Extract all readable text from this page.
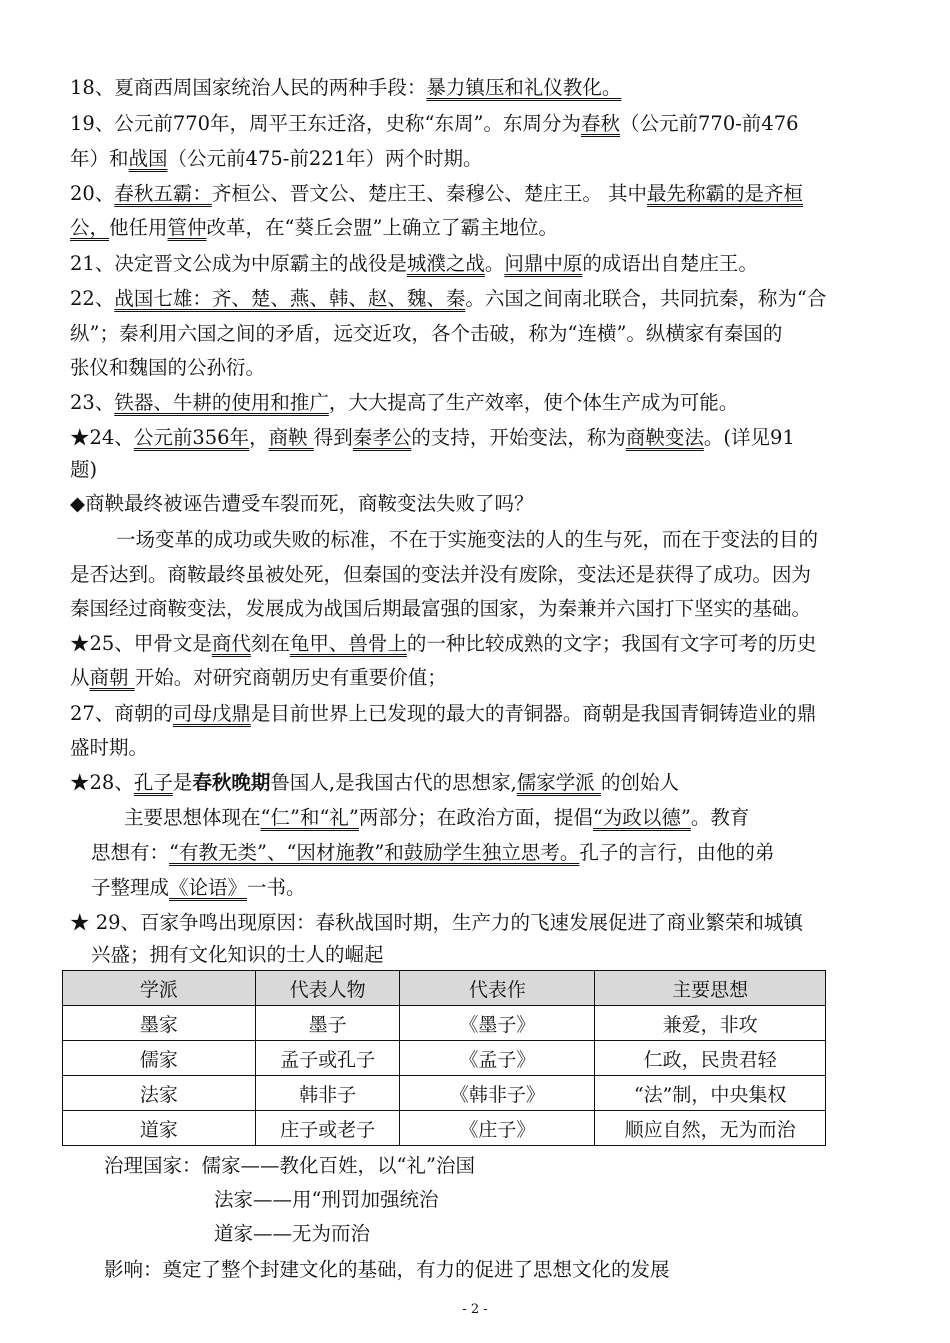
18、夏商西周国家统治人民的两种手段：暴力镇压和礼仪教化。
19、公元前770年，周平王东迁洛，史称“东周”。东周分为春秋（公元前770-前476
年）和战国（公元前475-前221年）两个时期。
20、春秋五霸：齐桓公、晋文公、楚庄王、秦穆公、楚庄王。 其中最先称霸的是齐桓
公，他任用管仲改革，在“葵丘会盟”上确立了霸主地位。
21、决定晋文公成为中原霸主的战役是城濮之战。问鼎中原的成语出自楚庄王。
22、战国七雄：齐、楚、燕、韩、赵、魏、秦。六国之间南北联合，共同抗秦，称为“合
纵”；秦利用六国之间的矛盾，远交近攻，各个击破，称为“连横”。纵横家有秦国的
张仪和魏国的公孙衍。
23、铁器、牛耕的使用和推广，大大提高了生产效率，使个体生产成为可能。
★24、公元前356年，商鞅 得到秦孝公的支持，开始变法，称为商鞅变法。(详见91
题)
◆商鞅最终被诬告遭受车裂而死，商鞍变法失败了吗？
一场变革的成功或失败的标准，不在于实施变法的人的生与死，而在于变法的目的
是否达到。商鞍最终虽被处死，但秦国的变法并没有废除，变法还是获得了成功。因为
秦国经过商鞍变法，发展成为战国后期最富强的国家，为秦兼并六国打下坚实的基础。
★25、甲骨文是商代刻在龟甲、兽骨上的一种比较成熟的文字；我国有文字可考的历史
从商朝 开始。对研究商朝历史有重要价值；
27、商朝的司母戊鼎是目前世界上已发现的最大的青铜器。商朝是我国青铜铸造业的鼎
盛时期。
★28、孔子是春秋晚期鲁国人,是我国古代的思想家,儒家学派 的创始人
主要思想体现在“仁”和“礼”两部分；在政治方面，提倡“为政以德”。教育
思想有：“有教无类”、“因材施教”和鼓励学生独立思考。孔子的言行，由他的弟
子整理成《论语》一书。
★ 29、百家争鸣出现原因：春秋战国时期，生产力的飞速发展促进了商业繁荣和城镇
兴盛；拥有文化知识的士人的崛起
学派	代表人物	代表作	主要思想
墨家	墨子	《墨子》	兼爱，非攻
儒家	孟子或孔子	《孟子》	仁政，民贵君轻
法家	韩非子	《韩非子》	“法”制，中央集权
道家	庄子或老子	《庄子》	顺应自然，无为而治
治理国家：儒家——教化百姓，以“礼”治国
法家——用“刑罚加强统治
道家——无为而治
影响：奠定了整个封建文化的基础，有力的促进了思想文化的发展
- 2 -
